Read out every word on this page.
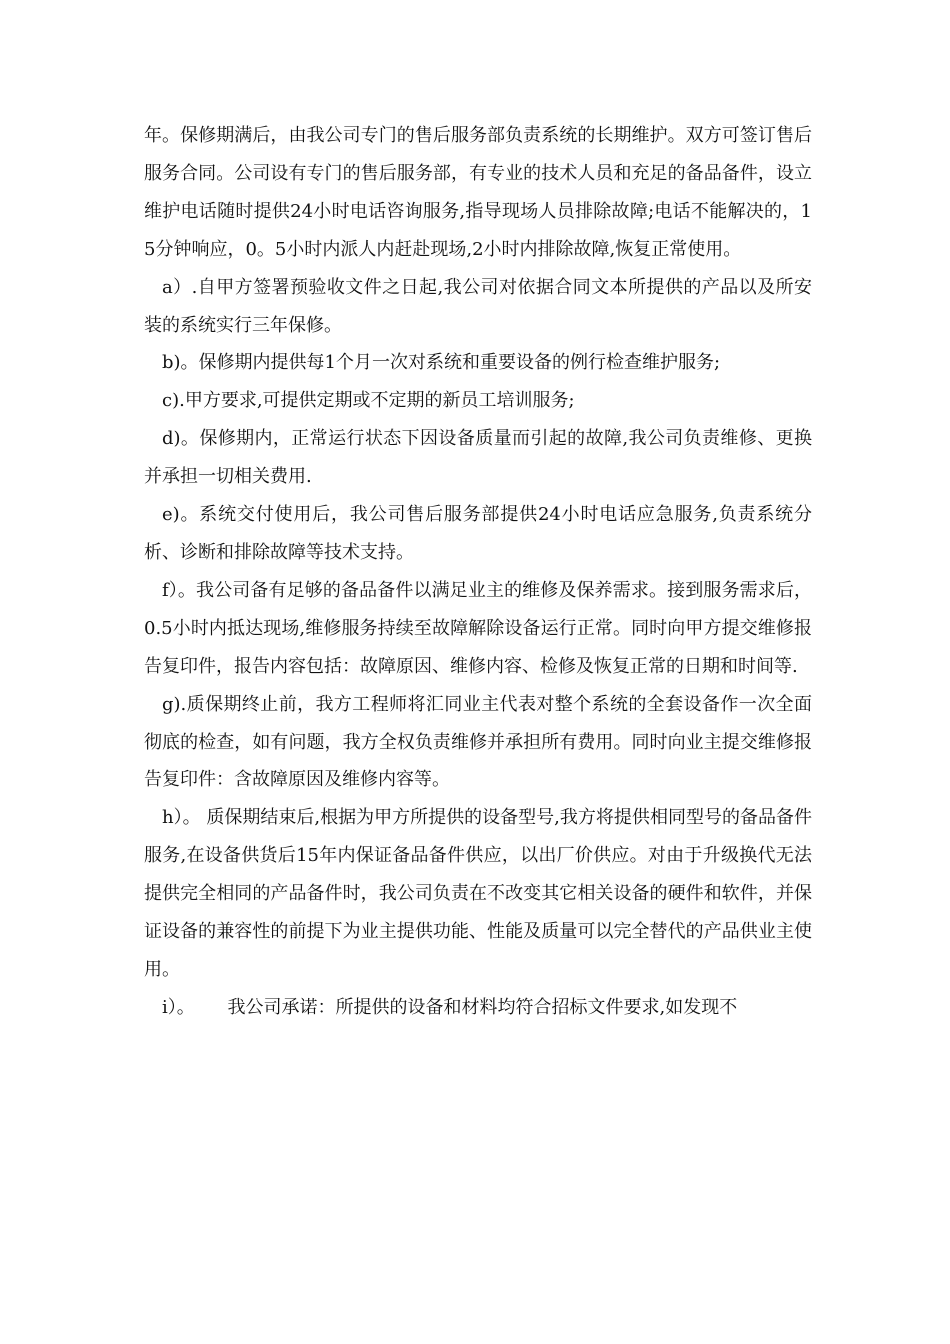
年。保修期满后，由我公司专门的售后服务部负责系统的长期维护。双方可签订售后服务合同。公司设有专门的售后服务部，有专业的技术人员和充足的备品备件，设立维护电话随时提供24小时电话咨询服务,指导现场人员排除故障;电话不能解决的，15分钟响应，0。5小时内派人内赶赴现场,2小时内排除故障,恢复正常使用。

a）.自甲方签署预验收文件之日起,我公司对依据合同文本所提供的产品以及所安装的系统实行三年保修。

b)。保修期内提供每1个月一次对系统和重要设备的例行检查维护服务;

c).甲方要求,可提供定期或不定期的新员工培训服务;

d)。保修期内，正常运行状态下因设备质量而引起的故障,我公司负责维修、更换并承担一切相关费用.

e)。系统交付使用后，我公司售后服务部提供24小时电话应急服务,负责系统分析、诊断和排除故障等技术支持。

f）。我公司备有足够的备品备件以满足业主的维修及保养需求。接到服务需求后，0.5小时内抵达现场,维修服务持续至故障解除设备运行正常。同时向甲方提交维修报告复印件，报告内容包括：故障原因、维修内容、检修及恢复正常的日期和时间等.

g).质保期终止前，我方工程师将汇同业主代表对整个系统的全套设备作一次全面彻底的检查，如有问题，我方全权负责维修并承担所有费用。同时向业主提交维修报告复印件：含故障原因及维修内容等。

h）。 质保期结束后,根据为甲方所提供的设备型号,我方将提供相同型号的备品备件服务,在设备供货后15年内保证备品备件供应，以出厂价供应。对由于升级换代无法提供完全相同的产品备件时，我公司负责在不改变其它相关设备的硬件和软件，并保证设备的兼容性的前提下为业主提供功能、性能及质量可以完全替代的产品供业主使用。

i）。　　 我公司承诺：所提供的设备和材料均符合招标文件要求,如发现不
